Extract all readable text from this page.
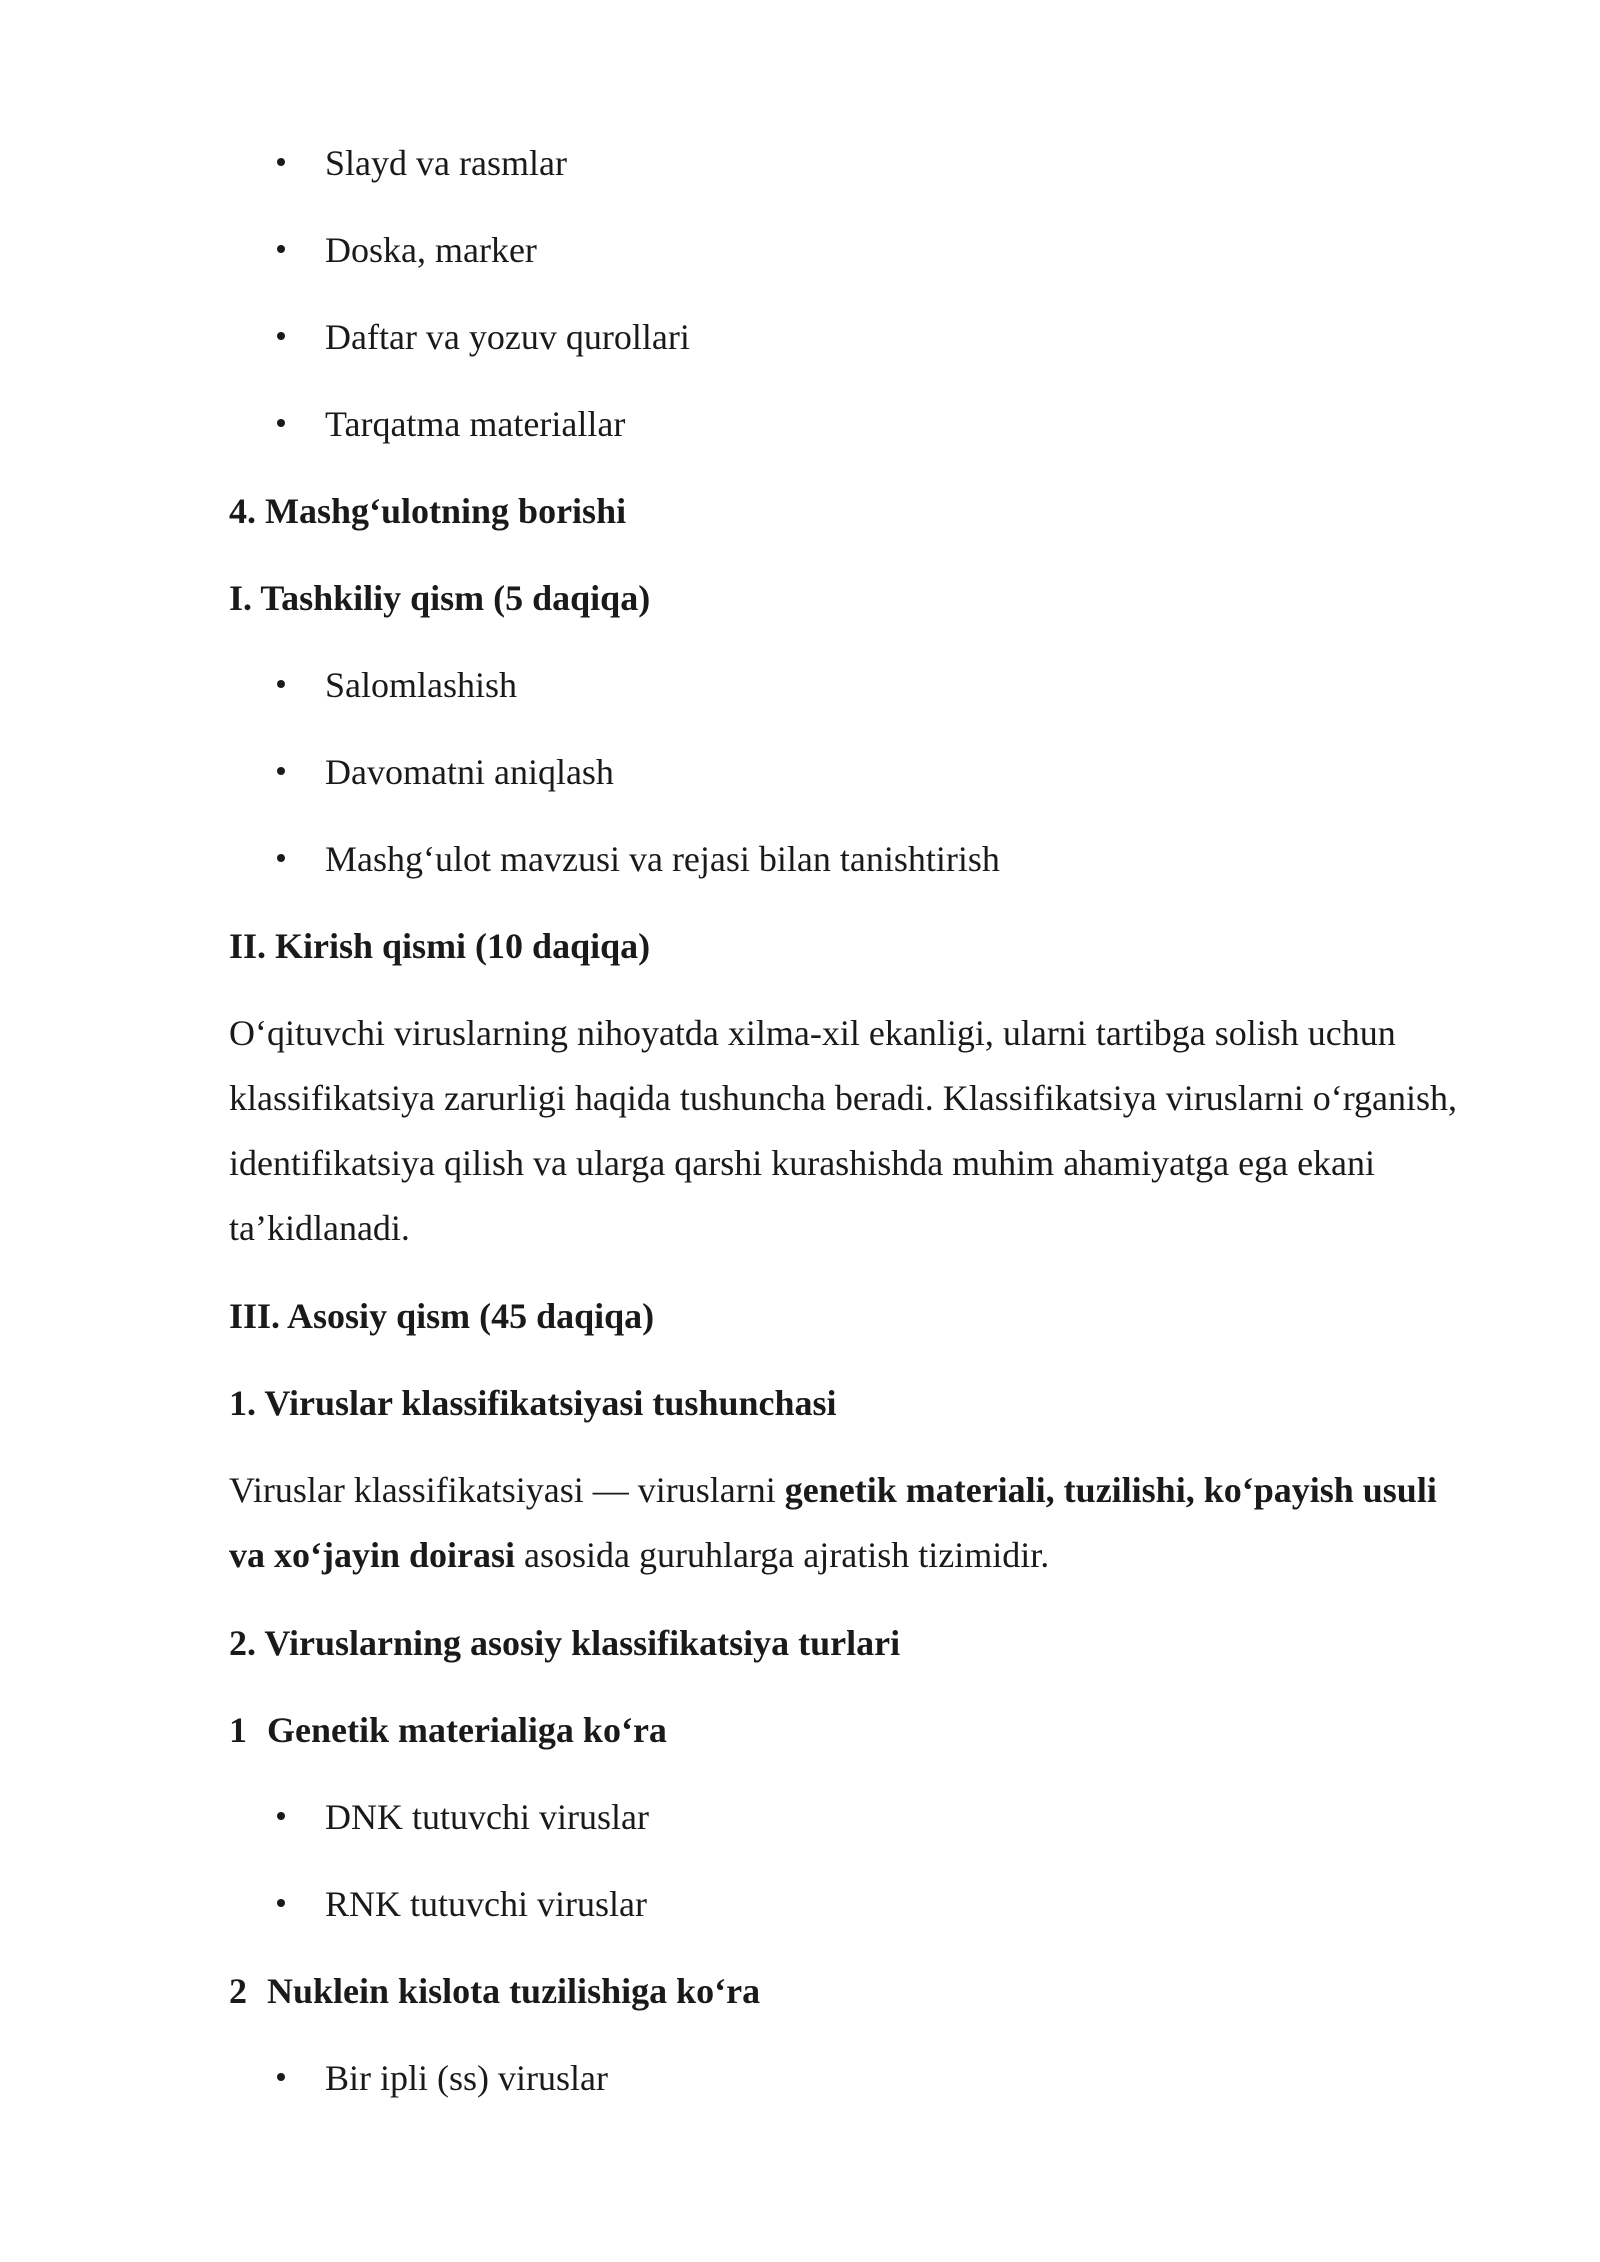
Slayd va rasmlar
Doska, marker
Daftar va yozuv qurollari
Tarqatma materiallar
4. Mashg‘ulotning borishi
I. Tashkiliy qism (5 daqiqa)
Salomlashish
Davomatni aniqlash
Mashg‘ulot mavzusi va rejasi bilan tanishtirish
II. Kirish qismi (10 daqiqa)

O‘qituvchi viruslarning nihoyatda xilma-xil ekanligi, ularni tartibga solish uchun klassifikatsiya zarurligi haqida tushuncha beradi. Klassifikatsiya viruslarni o‘rganish, identifikatsiya qilish va ularga qarshi kurashishda muhim ahamiyatga ega ekani ta’kidlanadi.

III. Asosiy qism (45 daqiqa)
1. Viruslar klassifikatsiyasi tushunchasi

Viruslar klassifikatsiyasi — viruslarni genetik materiali, tuzilishi, ko‘payish usuli va xo‘jayin doirasi asosida guruhlarga ajratish tizimidir.

2. Viruslarning asosiy klassifikatsiya turlari
1 Genetik materialiga ko‘ra
DNK tutuvchi viruslar
RNK tutuvchi viruslar
2 Nuklein kislota tuzilishiga ko‘ra
Bir ipli (ss) viruslar
